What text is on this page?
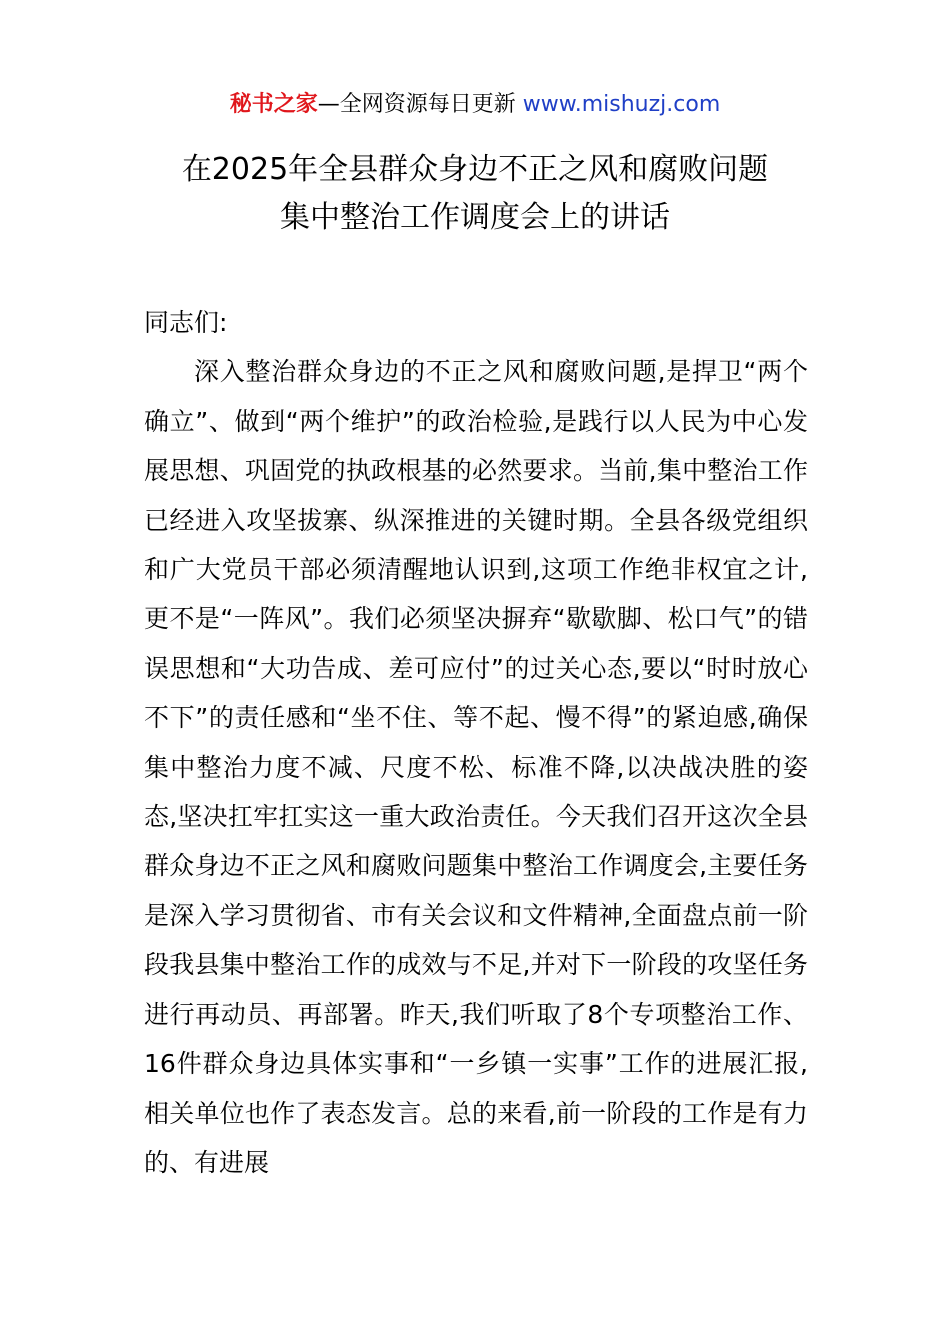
秘书之家—全网资源每日更新 www.mishuzj.com
在2025年全县群众身边不正之风和腐败问题
集中整治工作调度会上的讲话

同志们:

深入整治群众身边的不正之风和腐败问题,是捍卫“两个确立”、做到“两个维护”的政治检验,是践行以人民为中心发展思想、巩固党的执政根基的必然要求。当前,集中整治工作已经进入攻坚拔寨、纵深推进的关键时期。全县各级党组织和广大党员干部必须清醒地认识到,这项工作绝非权宜之计,更不是“一阵风”。我们必须坚决摒弃“歇歇脚、松口气”的错误思想和“大功告成、差可应付”的过关心态,要以“时时放心不下”的责任感和“坐不住、等不起、慢不得”的紧迫感,确保集中整治力度不减、尺度不松、标准不降,以决战决胜的姿态,坚决扛牢扛实这一重大政治责任。今天我们召开这次全县群众身边不正之风和腐败问题集中整治工作调度会,主要任务是深入学习贯彻省、市有关会议和文件精神,全面盘点前一阶段我县集中整治工作的成效与不足,并对下一阶段的攻坚任务进行再动员、再部署。昨天,我们听取了8个专项整治工作、16件群众身边具体实事和“一乡镇一实事”工作的进展汇报,相关单位也作了表态发言。总的来看,前一阶段的工作是有力的、有进展
